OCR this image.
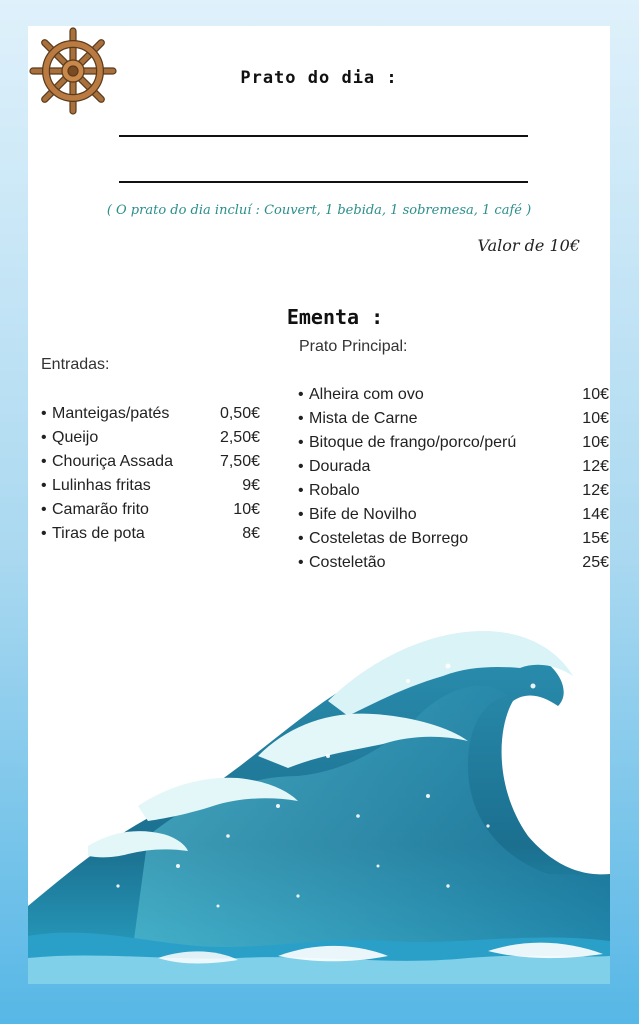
Prato do dia :
( O prato do dia incluí : Couvert, 1 bebida, 1 sobremesa, 1 café )
Valor de 10€
Ementa :
Entradas:
• Manteigas/patés	0,50€
• Queijo	2,50€
• Chouriça Assada	7,50€
• Lulinhas fritas	9€
• Camarão frito	10€
• Tiras de pota	8€
Prato Principal:
• Alheira com ovo	10€
• Mista de Carne	10€
• Bitoque de frango/porco/perú	10€
• Dourada	12€
• Robalo	12€
• Bife de Novilho	14€
• Costeletas de Borrego	15€
• Costeletão	25€
